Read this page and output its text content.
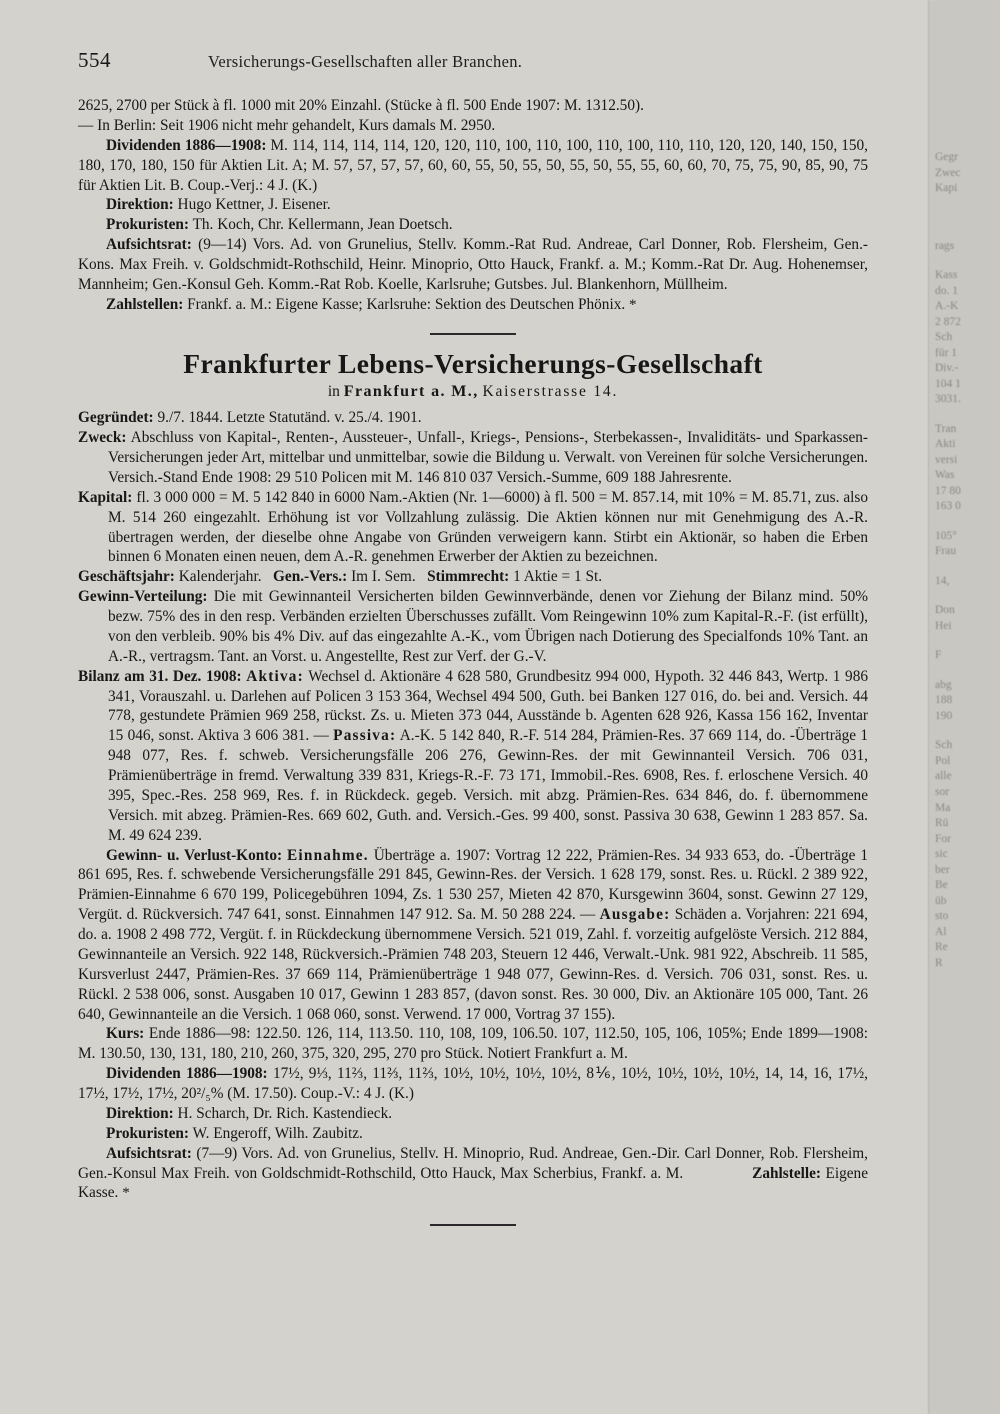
Gegr
Zwec
Kapi
rags
Kass
do. 1
A.-K
2 872
Sch
für 1
Div.-
104 1
3031.
Tran
Akti
versi
Was
17 80
163 0
105°
Frau
14,
Don
Hei
F
abg
188
190
Sch
Pol
alle
sor
Ma
Rü
For
sic
ber
Be
üb
sto
Al
Re
R
554	Versicherungs-Gesellschaften aller Branchen.

2625, 2700 per Stück à fl. 1000 mit 20% Einzahl. (Stücke à fl. 500 Ende 1907: M. 1312.50).

— In Berlin: Seit 1906 nicht mehr gehandelt, Kurs damals M. 2950.

Dividenden 1886—1908: M. 114, 114, 114, 114, 120, 120, 110, 100, 110, 100, 110, 100, 110, 110, 120, 120, 140, 150, 150, 180, 170, 180, 150 für Aktien Lit. A; M. 57, 57, 57, 57, 60, 60, 55, 50, 55, 50, 55, 50, 55, 55, 60, 60, 70, 75, 75, 90, 85, 90, 75 für Aktien Lit. B. Coup.-Verj.: 4 J. (K.)

Direktion: Hugo Kettner, J. Eisener.

Prokuristen: Th. Koch, Chr. Kellermann, Jean Doetsch.

Aufsichtsrat: (9—14) Vors. Ad. von Grunelius, Stellv. Komm.-Rat Rud. Andreae, Carl Donner, Rob. Flersheim, Gen.-Kons. Max Freih. v. Goldschmidt-Rothschild, Heinr. Minoprio, Otto Hauck, Frankf. a. M.; Komm.-Rat Dr. Aug. Hohenemser, Mannheim; Gen.-Konsul Geh. Komm.-Rat Rob. Koelle, Karlsruhe; Gutsbes. Jul. Blankenhorn, Müllheim.

Zahlstellen: Frankf. a. M.: Eigene Kasse; Karlsruhe: Sektion des Deutschen Phönix. *

Frankfurter Lebens-Versicherungs-Gesellschaft
in Frankfurt a. M., Kaiserstrasse 14.

Gegründet: 9./7. 1844. Letzte Statutänd. v. 25./4. 1901.

Zweck: Abschluss von Kapital-, Renten-, Aussteuer-, Unfall-, Kriegs-, Pensions-, Sterbekassen-, Invaliditäts- und Sparkassen-Versicherungen jeder Art, mittelbar und unmittelbar, sowie die Bildung u. Verwalt. von Vereinen für solche Versicherungen. Versich.-Stand Ende 1908: 29 510 Policen mit M. 146 810 037 Versich.-Summe, 609 188 Jahresrente.

Kapital: fl. 3 000 000 = M. 5 142 840 in 6000 Nam.-Aktien (Nr. 1—6000) à fl. 500 = M. 857.14, mit 10% = M. 85.71, zus. also M. 514 260 eingezahlt. Erhöhung ist vor Vollzahlung zulässig. Die Aktien können nur mit Genehmigung des A.-R. übertragen werden, der dieselbe ohne Angabe von Gründen verweigern kann. Stirbt ein Aktionär, so haben die Erben binnen 6 Monaten einen neuen, dem A.-R. genehmen Erwerber der Aktien zu bezeichnen.

Geschäftsjahr: Kalenderjahr. Gen.-Vers.: Im I. Sem. Stimmrecht: 1 Aktie = 1 St.

Gewinn-Verteilung: Die mit Gewinnanteil Versicherten bilden Gewinnverbände, denen vor Ziehung der Bilanz mind. 50% bezw. 75% des in den resp. Verbänden erzielten Überschusses zufällt. Vom Reingewinn 10% zum Kapital-R.-F. (ist erfüllt), von den verbleib. 90% bis 4% Div. auf das eingezahlte A.-K., vom Übrigen nach Dotierung des Specialfonds 10% Tant. an A.-R., vertragsm. Tant. an Vorst. u. Angestellte, Rest zur Verf. der G.-V.

Bilanz am 31. Dez. 1908: Aktiva: Wechsel d. Aktionäre 4 628 580, Grundbesitz 994 000, Hypoth. 32 446 843, Wertp. 1 986 341, Vorauszahl. u. Darlehen auf Policen 3 153 364, Wechsel 494 500, Guth. bei Banken 127 016, do. bei and. Versich. 44 778, gestundete Prämien 969 258, rückst. Zs. u. Mieten 373 044, Ausstände b. Agenten 628 926, Kassa 156 162, Inventar 15 046, sonst. Aktiva 3 606 381. — Passiva: A.-K. 5 142 840, R.-F. 514 284, Prämien-Res. 37 669 114, do. -Überträge 1 948 077, Res. f. schweb. Versicherungsfälle 206 276, Gewinn-Res. der mit Gewinnanteil Versich. 706 031, Prämienüberträge in fremd. Verwaltung 339 831, Kriegs-R.-F. 73 171, Immobil.-Res. 6908, Res. f. erloschene Versich. 40 395, Spec.-Res. 258 969, Res. f. in Rückdeck. gegeb. Versich. mit abzg. Prämien-Res. 634 846, do. f. übernommene Versich. mit abzeg. Prämien-Res. 669 602, Guth. and. Versich.-Ges. 99 400, sonst. Passiva 30 638, Gewinn 1 283 857. Sa. M. 49 624 239.

Gewinn- u. Verlust-Konto: Einnahme. Überträge a. 1907: Vortrag 12 222, Prämien-Res. 34 933 653, do. -Überträge 1 861 695, Res. f. schwebende Versicherungsfälle 291 845, Gewinn-Res. der Versich. 1 628 179, sonst. Res. u. Rückl. 2 389 922, Prämien-Einnahme 6 670 199, Policegebühren 1094, Zs. 1 530 257, Mieten 42 870, Kursgewinn 3604, sonst. Gewinn 27 129, Vergüt. d. Rückversich. 747 641, sonst. Einnahmen 147 912. Sa. M. 50 288 224. — Ausgabe: Schäden a. Vorjahren: 221 694, do. a. 1908 2 498 772, Vergüt. f. in Rückdeckung übernommene Versich. 521 019, Zahl. f. vorzeitig aufgelöste Versich. 212 884, Gewinnanteile an Versich. 922 148, Rückversich.-Prämien 748 203, Steuern 12 446, Verwalt.-Unk. 981 922, Abschreib. 11 585, Kursverlust 2447, Prämien-Res. 37 669 114, Prämienüberträge 1 948 077, Gewinn-Res. d. Versich. 706 031, sonst. Res. u. Rückl. 2 538 006, sonst. Ausgaben 10 017, Gewinn 1 283 857, (davon sonst. Res. 30 000, Div. an Aktionäre 105 000, Tant. 26 640, Gewinnanteile an die Versich. 1 068 060, sonst. Verwend. 17 000, Vortrag 37 155).

Kurs: Ende 1886—98: 122.50. 126, 114, 113.50. 110, 108, 109, 106.50. 107, 112.50, 105, 106, 105%; Ende 1899—1908: M. 130.50, 130, 131, 180, 210, 260, 375, 320, 295, 270 pro Stück. Notiert Frankfurt a. M.

Dividenden 1886—1908: 17½, 9⅓, 11⅔, 11⅔, 11⅔, 10½, 10½, 10½, 10½, 8⅙, 10½, 10½, 10½, 10½, 14, 14, 16, 17½, 17½, 17½, 17½, 20²/₅% (M. 17.50). Coup.-V.: 4 J. (K.)

Direktion: H. Scharch, Dr. Rich. Kastendieck.

Prokuristen: W. Engeroff, Wilh. Zaubitz.

Aufsichtsrat: (7—9) Vors. Ad. von Grunelius, Stellv. H. Minoprio, Rud. Andreae, Gen.-Dir. Carl Donner, Rob. Flersheim, Gen.-Konsul Max Freih. von Goldschmidt-Rothschild, Otto Hauck, Max Scherbius, Frankf. a. M.	Zahlstelle: Eigene Kasse. *
